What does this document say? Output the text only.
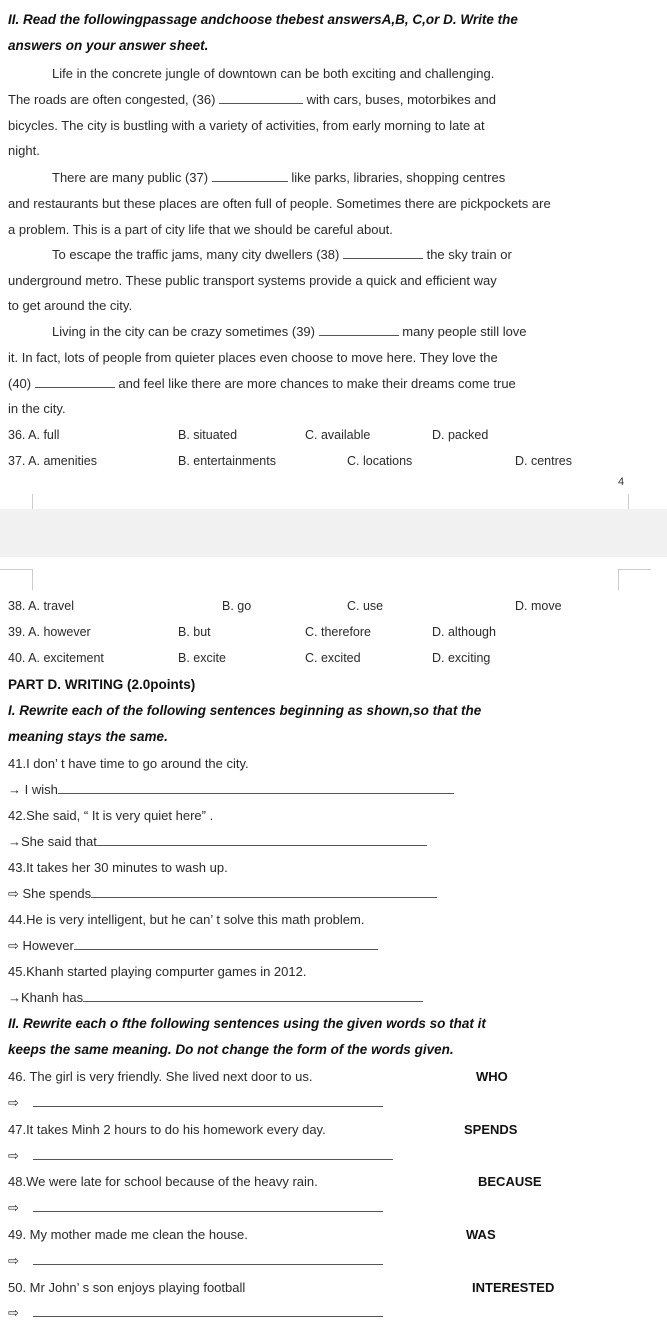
II. Read the followingpassage andchoose thebest answersA,B, C,or D. Write the
answers on your answer sheet.
Life in the concrete jungle of downtown can be both exciting and challenging.
The roads are often congested, (36)	with cars, buses, motorbikes and
bicycles. The city is bustling with a variety of activities, from early morning to late at
night.
There are many public (37)	like parks, libraries, shopping centres
and restaurants but these places are often full of people. Sometimes there are pickpockets are
a problem. This is a part of city life that we should be careful about.
To escape the traffic jams, many city dwellers (38)	the sky train or
underground metro. These public transport systems provide a quick and efficient way
to get around the city.
Living in the city can be crazy sometimes (39)	many people still love
it. In fact, lots of people from quieter places even choose to move here. They love the
(40)	and feel like there are more chances to make their dreams come true
in the city.
36. A. full	B. situated	C. available	D. packed
37. A. amenities	B. entertainments	C. locations	D. centres
4
38. A. travel	B. go	C. use	D. move
39. A. however	B. but	C. therefore	D. although
40. A. excitement	B. excite	C. excited	D. exciting
PART D. WRITING (2.0points)
I. Rewrite each of the following sentences beginning as shown,so that the
meaning stays the same.
41.I don’ t have time to go around the city.
→ I wish
42.She said, “ It is very quiet here” .
→She said that
43.It takes her 30 minutes to wash up.
⇨ She spends
44.He is very intelligent, but he can’ t solve this math problem.
⇨ However
45.Khanh started playing compurter games in 2012.
→Khanh has
II. Rewrite each o fthe following sentences using the given words so that it
keeps the same meaning. Do not change the form of the words given.
46. The girl is very friendly. She lived next door to us.	WHO
⇨
47.It takes Minh 2 hours to do his homework every day.	SPENDS
⇨
48.We were late for school because of the heavy rain.	BECAUSE
⇨
49. My mother made me clean the house.	WAS
⇨
50. Mr John’ s son enjoys playing football	INTERESTED
⇨
